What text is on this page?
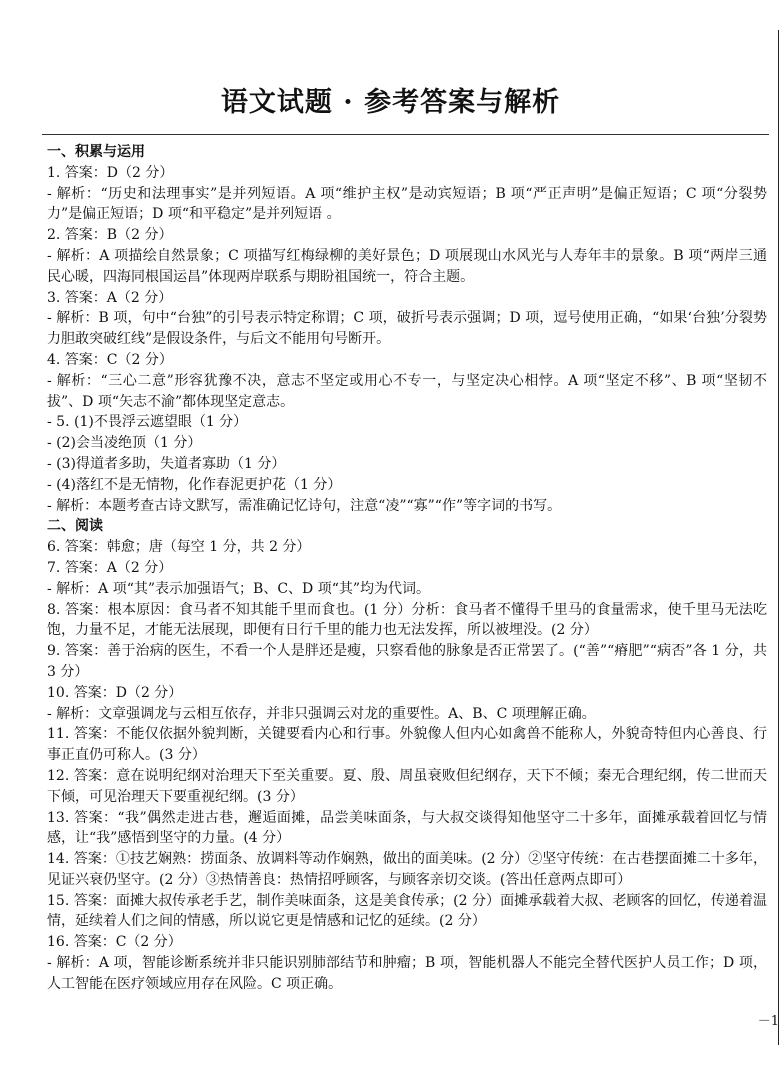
－1
语文试题 · 参考答案与解析

一、积累与运用

1. 答案：D（2 分）

- 解析：“历史和法理事实”是并列短语。A 项“维护主权”是动宾短语；B 项“严正声明”是偏正短语；C 项“分裂势力”是偏正短语；D 项“和平稳定”是并列短语 。

2. 答案：B（2 分）

- 解析：A 项描绘自然景象；C 项描写红梅绿柳的美好景色；D 项展现山水风光与人寿年丰的景象。B 项“两岸三通民心暖，四海同根国运昌”体现两岸联系与期盼祖国统一，符合主题。

3. 答案：A（2 分）

- 解析：B 项，句中“台独”的引号表示特定称谓；C 项，破折号表示强调；D 项，逗号使用正确，“如果‘台独’分裂势力胆敢突破红线”是假设条件，与后文不能用句号断开。

4. 答案：C（2 分）

- 解析：“三心二意”形容犹豫不决，意志不坚定或用心不专一，与坚定决心相悖。A 项“坚定不移”、B 项“坚韧不拔”、D 项“矢志不渝”都体现坚定意志。

- 5. (1)不畏浮云遮望眼（1 分）

- (2)会当凌绝顶（1 分）

- (3)得道者多助，失道者寡助（1 分）

- (4)落红不是无情物，化作春泥更护花（1 分）

- 解析：本题考查古诗文默写，需准确记忆诗句，注意“凌”“寡”“作”等字词的书写。

二、阅读

6. 答案：韩愈；唐（每空 1 分，共 2 分）

7. 答案：A（2 分）

- 解析：A 项“其”表示加强语气；B、C、D 项“其”均为代词。

8. 答案：根本原因：食马者不知其能千里而食也。(1 分）分析：食马者不懂得千里马的食量需求，使千里马无法吃饱，力量不足，才能无法展现，即便有日行千里的能力也无法发挥，所以被埋没。(2 分）

9. 答案：善于治病的医生，不看一个人是胖还是瘦，只察看他的脉象是否正常罢了。(“善”“瘠肥”“病否”各 1 分，共 3 分）

10. 答案：D（2 分）

- 解析：文章强调龙与云相互依存，并非只强调云对龙的重要性。A、B、C 项理解正确。

11. 答案：不能仅依据外貌判断，关键要看内心和行事。外貌像人但内心如禽兽不能称人，外貌奇特但内心善良、行事正直仍可称人。(3 分）

12. 答案：意在说明纪纲对治理天下至关重要。夏、殷、周虽衰败但纪纲存，天下不倾；秦无合理纪纲，传二世而天下倾，可见治理天下要重视纪纲。(3 分）

13. 答案：“我”偶然走进古巷，邂逅面摊，品尝美味面条，与大叔交谈得知他坚守二十多年，面摊承载着回忆与情感，让“我”感悟到坚守的力量。(4 分）

14. 答案：①技艺娴熟：捞面条、放调料等动作娴熟，做出的面美味。(2 分）②坚守传统：在古巷摆面摊二十多年，见证兴衰仍坚守。(2 分）③热情善良：热情招呼顾客，与顾客亲切交谈。(答出任意两点即可）

15. 答案：面摊大叔传承老手艺，制作美味面条，这是美食传承；(2 分）面摊承载着大叔、老顾客的回忆，传递着温情，延续着人们之间的情感，所以说它更是情感和记忆的延续。(2 分）

16. 答案：C（2 分）

- 解析：A 项，智能诊断系统并非只能识别肺部结节和肿瘤；B 项，智能机器人不能完全替代医护人员工作；D 项，人工智能在医疗领域应用存在风险。C 项正确。
